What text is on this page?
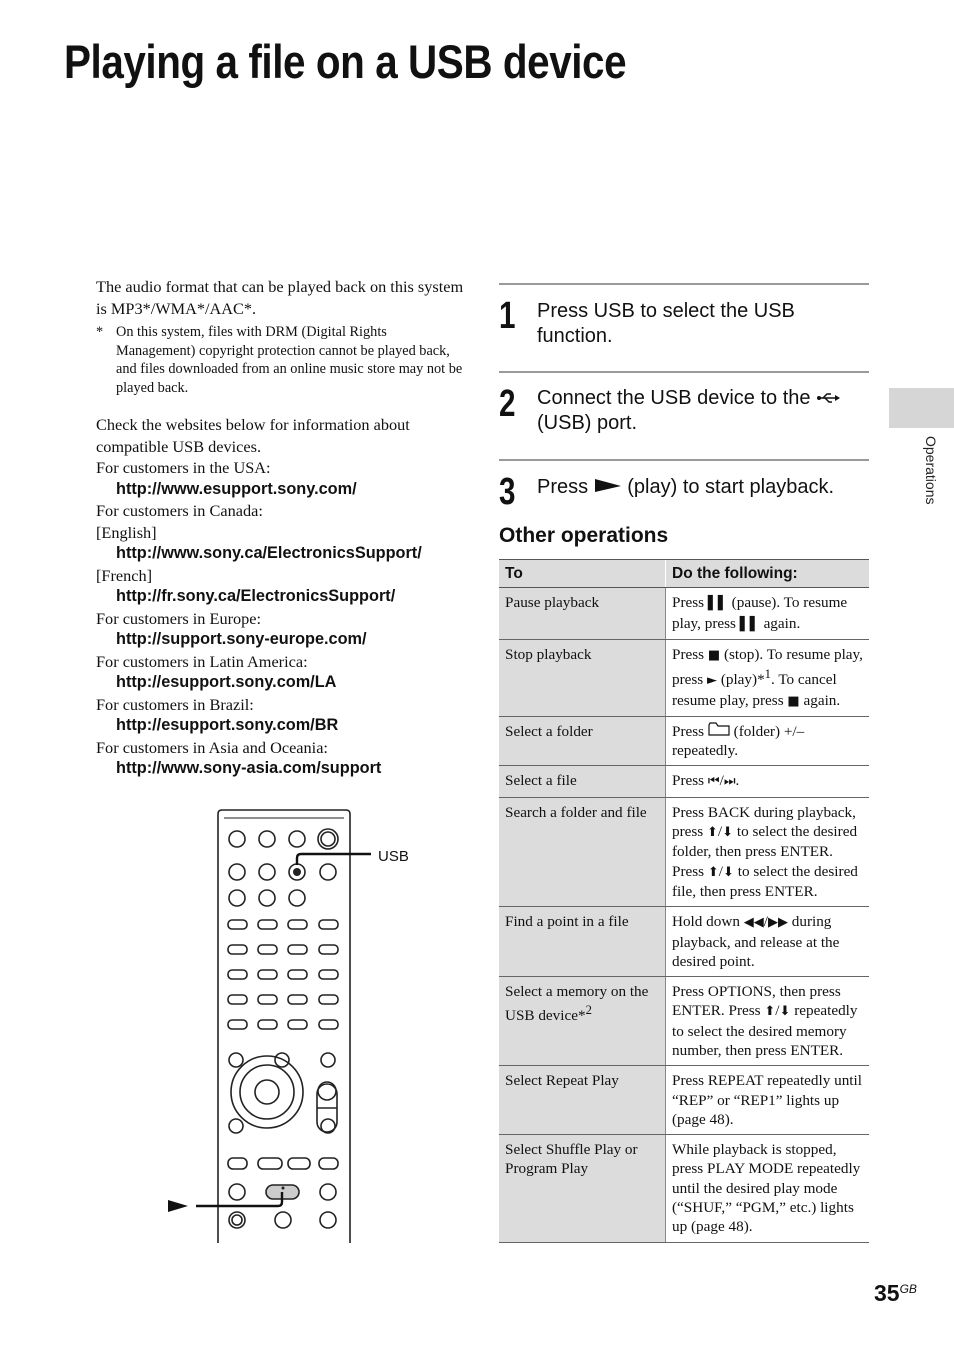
Playing a file on a USB device

The audio format that can be played back on this system is MP3*/WMA*/AAC*.

* On this system, files with DRM (Digital Rights Management) copyright protection cannot be played back, and files downloaded from an online music store may not be played back.

Check the websites below for information about compatible USB devices.

For customers in the USA:

http://www.esupport.sony.com/

For customers in Canada:

[English]

http://www.sony.ca/ElectronicsSupport/

[French]

http://fr.sony.ca/ElectronicsSupport/

For customers in Europe:

http://support.sony-europe.com/

For customers in Latin America:

http://esupport.sony.com/LA

For customers in Brazil:

http://esupport.sony.com/BR

For customers in Asia and Oceania:

http://www.sony-asia.com/support

USB
1	Press USB to select the USB function.
2	Connect the USB device to the  (USB) port.
3	Press (play) to start playback.
Other operations
To	Do the following:
Pause playback	Press ▌▌ (pause). To resume play, press ▌▌ again.
Stop playback	Press ■ (stop). To resume play, press ► (play)*$^1$. To cancel resume play, press ■ again.
Select a folder	Press (folder) +/– repeatedly.
Select a file	Press ⏮/⏭.
Search a folder and file	Press BACK during playback, press ⬆/⬇ to select the desired folder, then press ENTER. Press ⬆/⬇ to select the desired file, then press ENTER.
Find a point in a file	Hold down ◀◀/▶▶ during playback, and release at the desired point.
Select a memory on the USB device*$^2$	Press OPTIONS, then press ENTER. Press ⬆/⬇ repeatedly to select the desired memory number, then press ENTER.
Select Repeat Play	Press REPEAT repeatedly until “REP” or “REP1” lights up (page 48).
Select Shuffle Play or Program Play	While playback is stopped, press PLAY MODE repeatedly until the desired play mode (“SHUF,” “PGM,” etc.) lights up (page 48).
Operations
$35^{GB}$
